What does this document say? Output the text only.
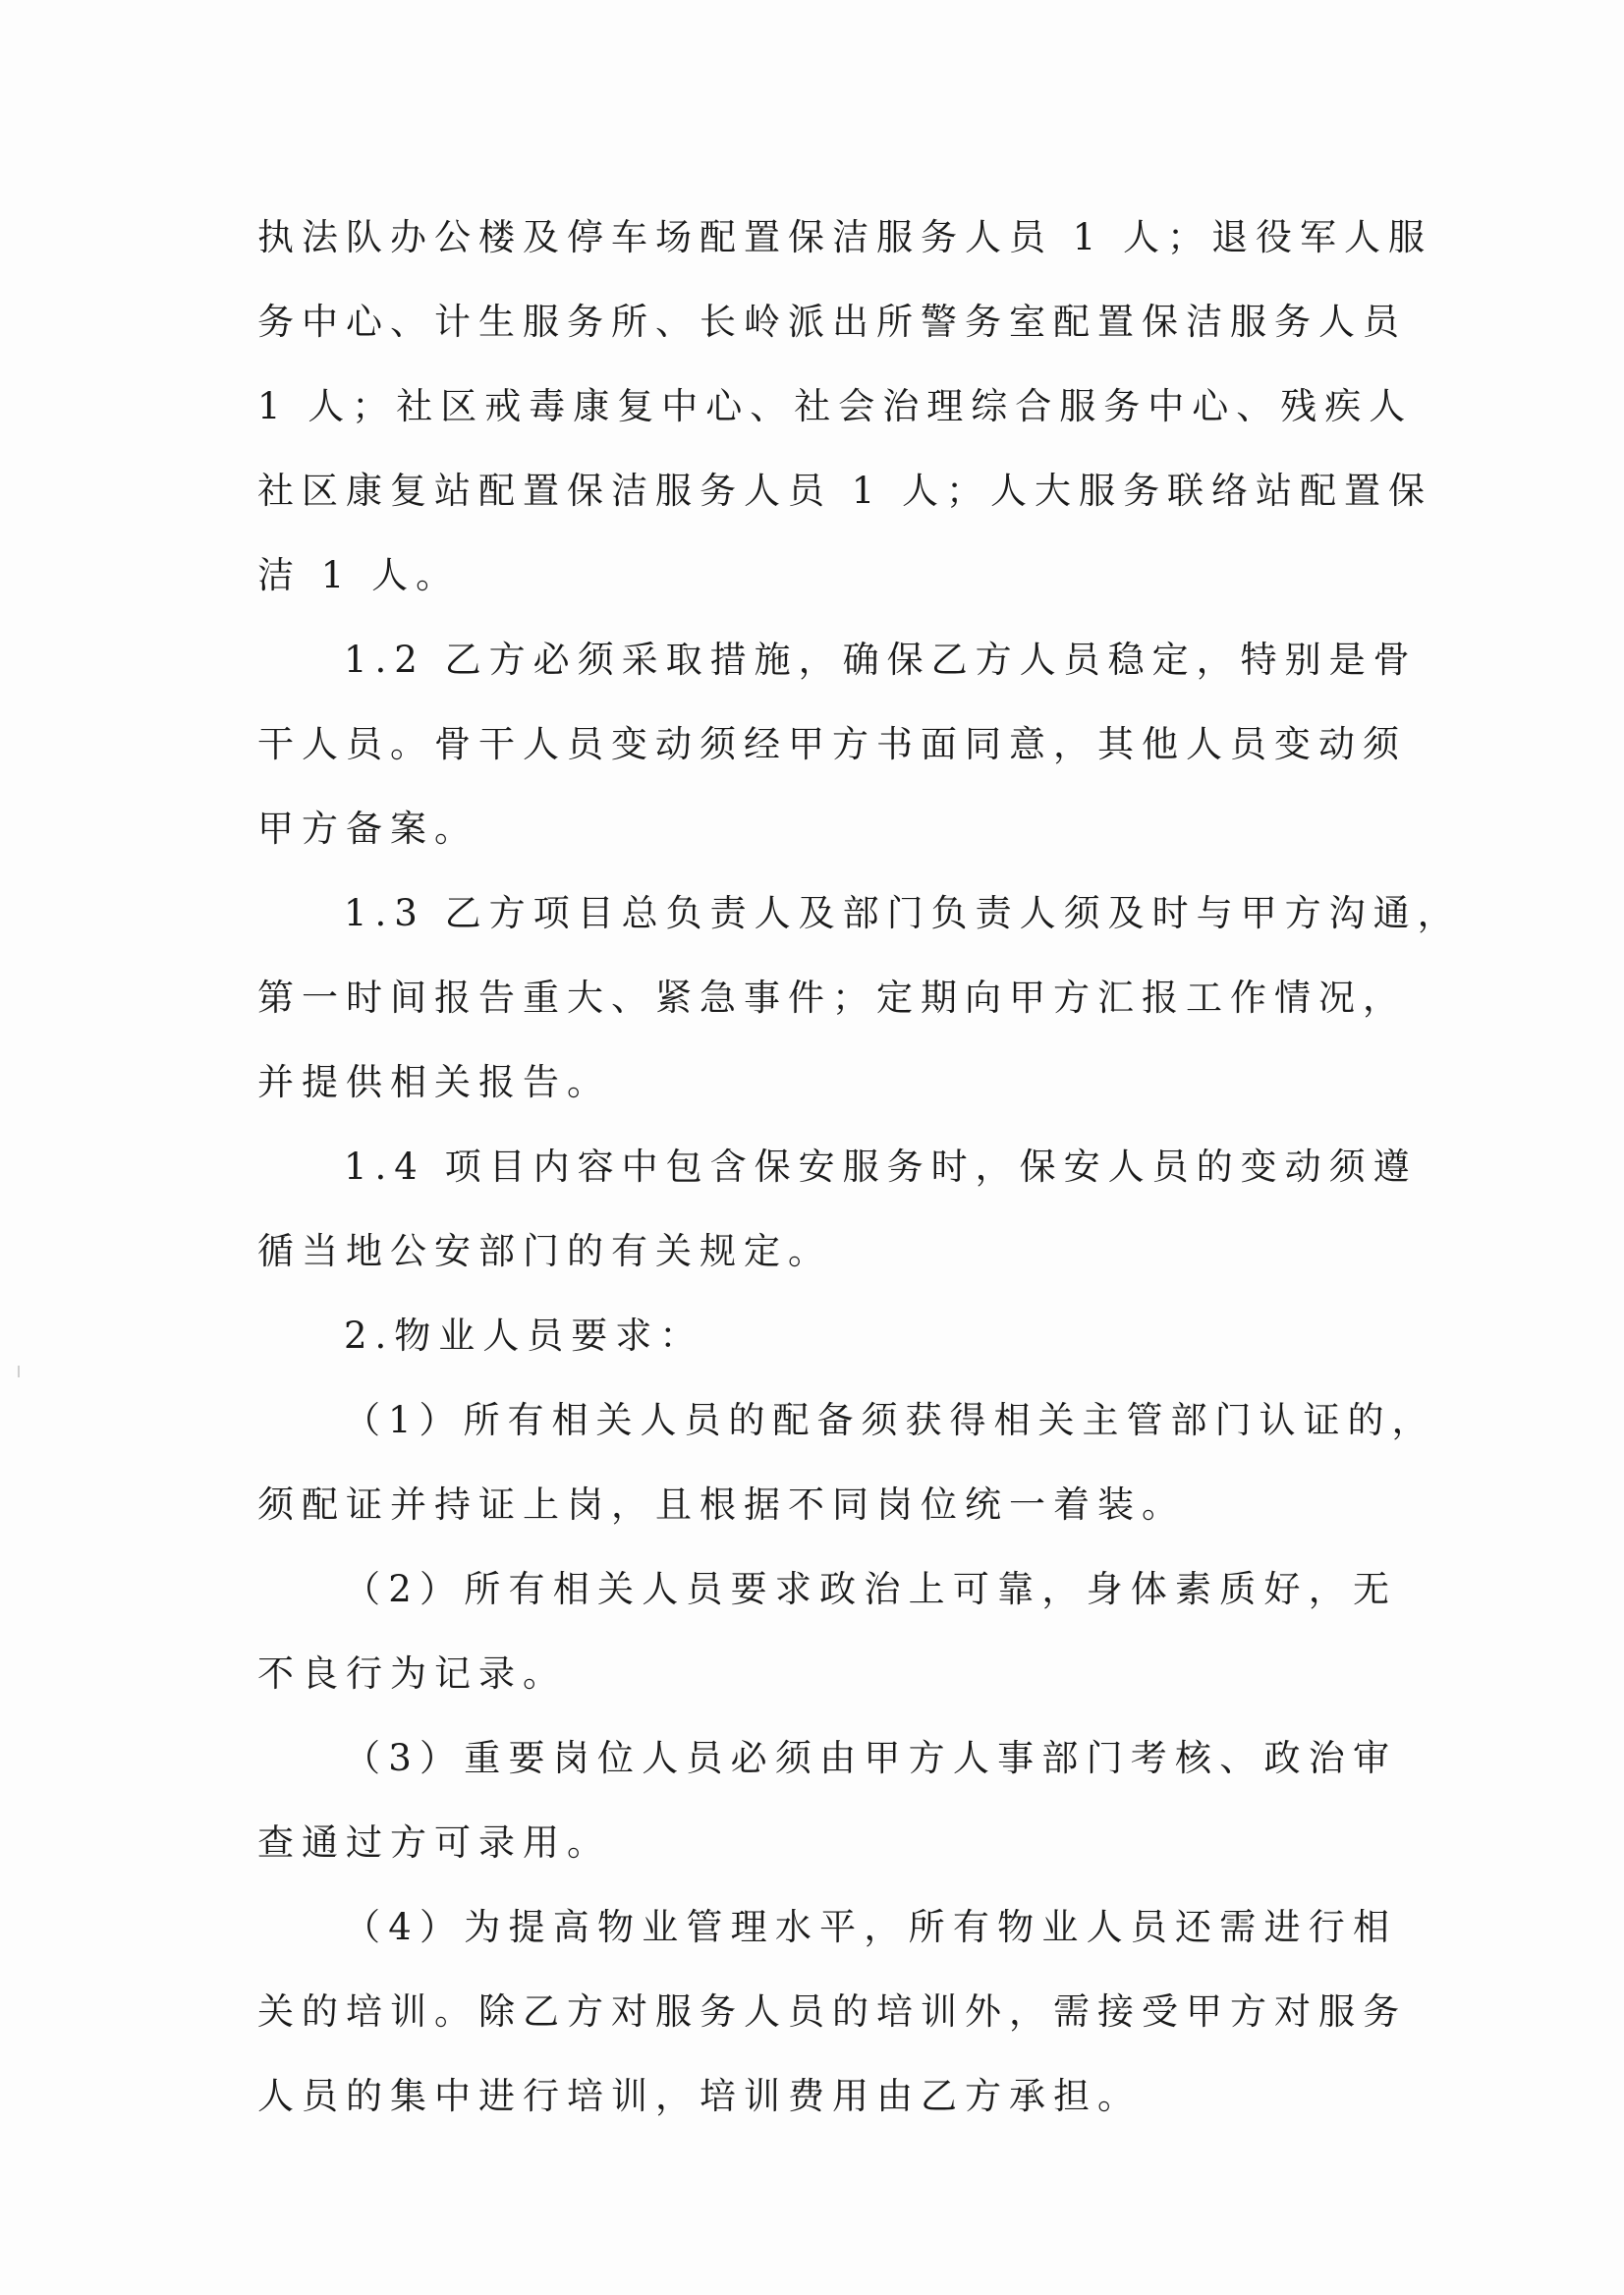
执法队办公楼及停车场配置保洁服务人员 1 人；退役军人服
务中心、计生服务所、长岭派出所警务室配置保洁服务人员
1 人；社区戒毒康复中心、社会治理综合服务中心、残疾人
社区康复站配置保洁服务人员 1 人；人大服务联络站配置保
洁 1 人。
1.2 乙方必须采取措施，确保乙方人员稳定，特别是骨
干人员。骨干人员变动须经甲方书面同意，其他人员变动须
甲方备案。
1.3 乙方项目总负责人及部门负责人须及时与甲方沟通，
第一时间报告重大、紧急事件；定期向甲方汇报工作情况，
并提供相关报告。
1.4 项目内容中包含保安服务时，保安人员的变动须遵
循当地公安部门的有关规定。
2.物业人员要求：
（1）所有相关人员的配备须获得相关主管部门认证的，
须配证并持证上岗，且根据不同岗位统一着装。
（2）所有相关人员要求政治上可靠，身体素质好，无
不良行为记录。
（3）重要岗位人员必须由甲方人事部门考核、政治审
查通过方可录用。
（4）为提高物业管理水平，所有物业人员还需进行相
关的培训。除乙方对服务人员的培训外，需接受甲方对服务
人员的集中进行培训，培训费用由乙方承担。
